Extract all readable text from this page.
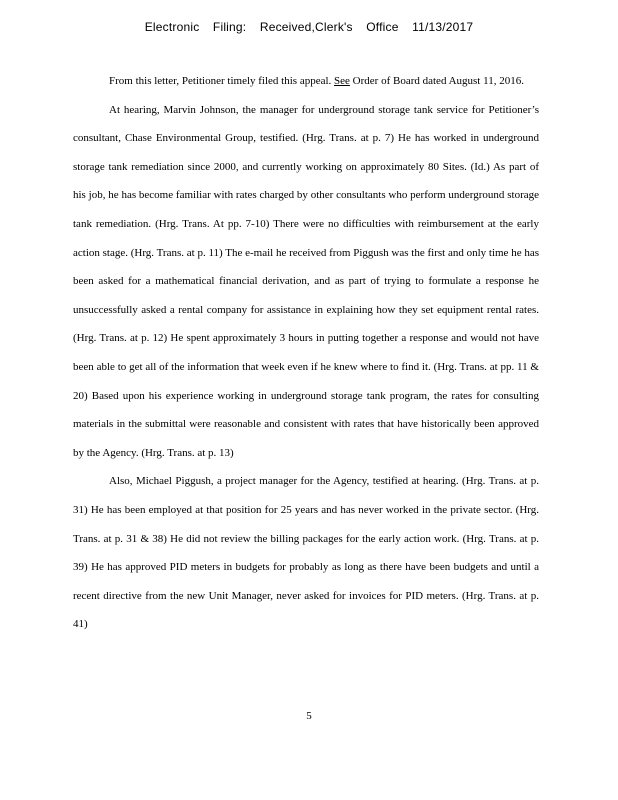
Electronic Filing: Received,Clerk's Office 11/13/2017

From this letter, Petitioner timely filed this appeal. See Order of Board dated August 11, 2016.

At hearing, Marvin Johnson, the manager for underground storage tank service for Petitioner’s consultant, Chase Environmental Group, testified. (Hrg. Trans. at p. 7) He has worked in underground storage tank remediation since 2000, and currently working on approximately 80 Sites. (Id.) As part of his job, he has become familiar with rates charged by other consultants who perform underground storage tank remediation. (Hrg. Trans. At pp. 7-10) There were no difficulties with reimbursement at the early action stage. (Hrg. Trans. at p. 11) The e-mail he received from Piggush was the first and only time he has been asked for a mathematical financial derivation, and as part of trying to formulate a response he unsuccessfully asked a rental company for assistance in explaining how they set equipment rental rates. (Hrg. Trans. at p. 12) He spent approximately 3 hours in putting together a response and would not have been able to get all of the information that week even if he knew where to find it. (Hrg. Trans. at pp. 11 & 20) Based upon his experience working in underground storage tank program, the rates for consulting materials in the submittal were reasonable and consistent with rates that have historically been approved by the Agency. (Hrg. Trans. at p. 13)

Also, Michael Piggush, a project manager for the Agency, testified at hearing. (Hrg. Trans. at p. 31) He has been employed at that position for 25 years and has never worked in the private sector. (Hrg. Trans. at p. 31 & 38) He did not review the billing packages for the early action work. (Hrg. Trans. at p. 39) He has approved PID meters in budgets for probably as long as there have been budgets and until a recent directive from the new Unit Manager, never asked for invoices for PID meters. (Hrg. Trans. at p. 41)

5
